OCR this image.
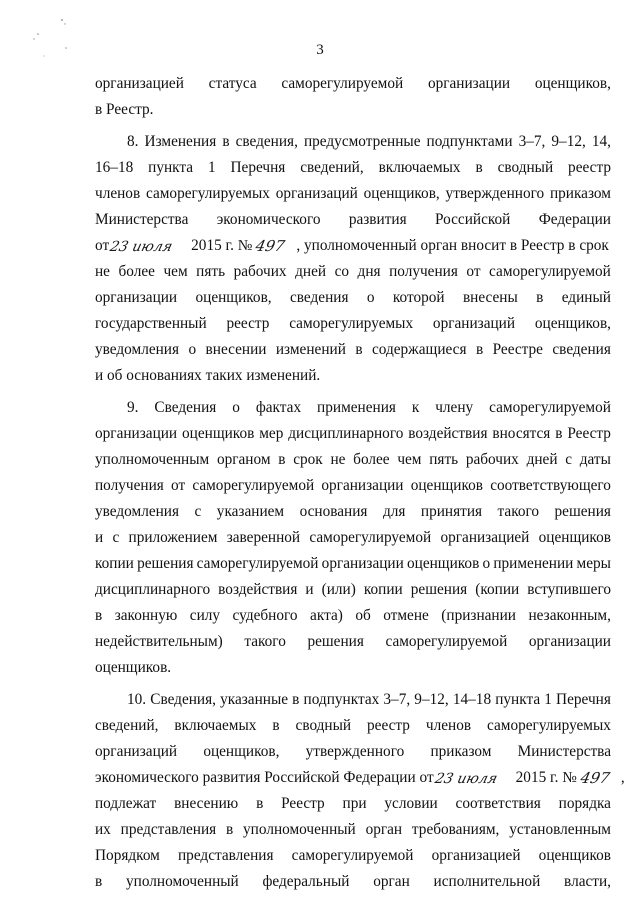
3
организацией статуса саморегулируемой организации оценщиков,
в Реестр.
8. Изменения в сведения, предусмотренные подпунктами 3–7, 9–12, 14,
16–18 пункта 1 Перечня сведений, включаемых в сводный реестр
членов саморегулируемых организаций оценщиков, утвержденного приказом
Министерства экономического развития Российской Федерации
от 23 июля 2015 г. № 497 , уполномоченный орган вносит в Реестр в срок
не более чем пять рабочих дней со дня получения от саморегулируемой
организации оценщиков, сведения о которой внесены в единый
государственный реестр саморегулируемых организаций оценщиков,
уведомления о внесении изменений в содержащиеся в Реестре сведения
и об основаниях таких изменений.
9. Сведения о фактах применения к члену саморегулируемой
организации оценщиков мер дисциплинарного воздействия вносятся в Реестр
уполномоченным органом в срок не более чем пять рабочих дней с даты
получения от саморегулируемой организации оценщиков соответствующего
уведомления с указанием основания для принятия такого решения
и с приложением заверенной саморегулируемой организацией оценщиков
копии решения саморегулируемой организации оценщиков о применении меры
дисциплинарного воздействия и (или) копии решения (копии вступившего
в законную силу судебного акта) об отмене (признании незаконным,
недействительным) такого решения саморегулируемой организации
оценщиков.
10. Сведения, указанные в подпунктах 3–7, 9–12, 14–18 пункта 1 Перечня
сведений, включаемых в сводный реестр членов саморегулируемых
организаций оценщиков, утвержденного приказом Министерства
экономического развития Российской Федерации от 23 июля 2015 г. № 497 ,
подлежат внесению в Реестр при условии соответствия порядка
их представления в уполномоченный орган требованиям, установленным
Порядком представления саморегулируемой организацией оценщиков
в уполномоченный федеральный орган исполнительной власти,
